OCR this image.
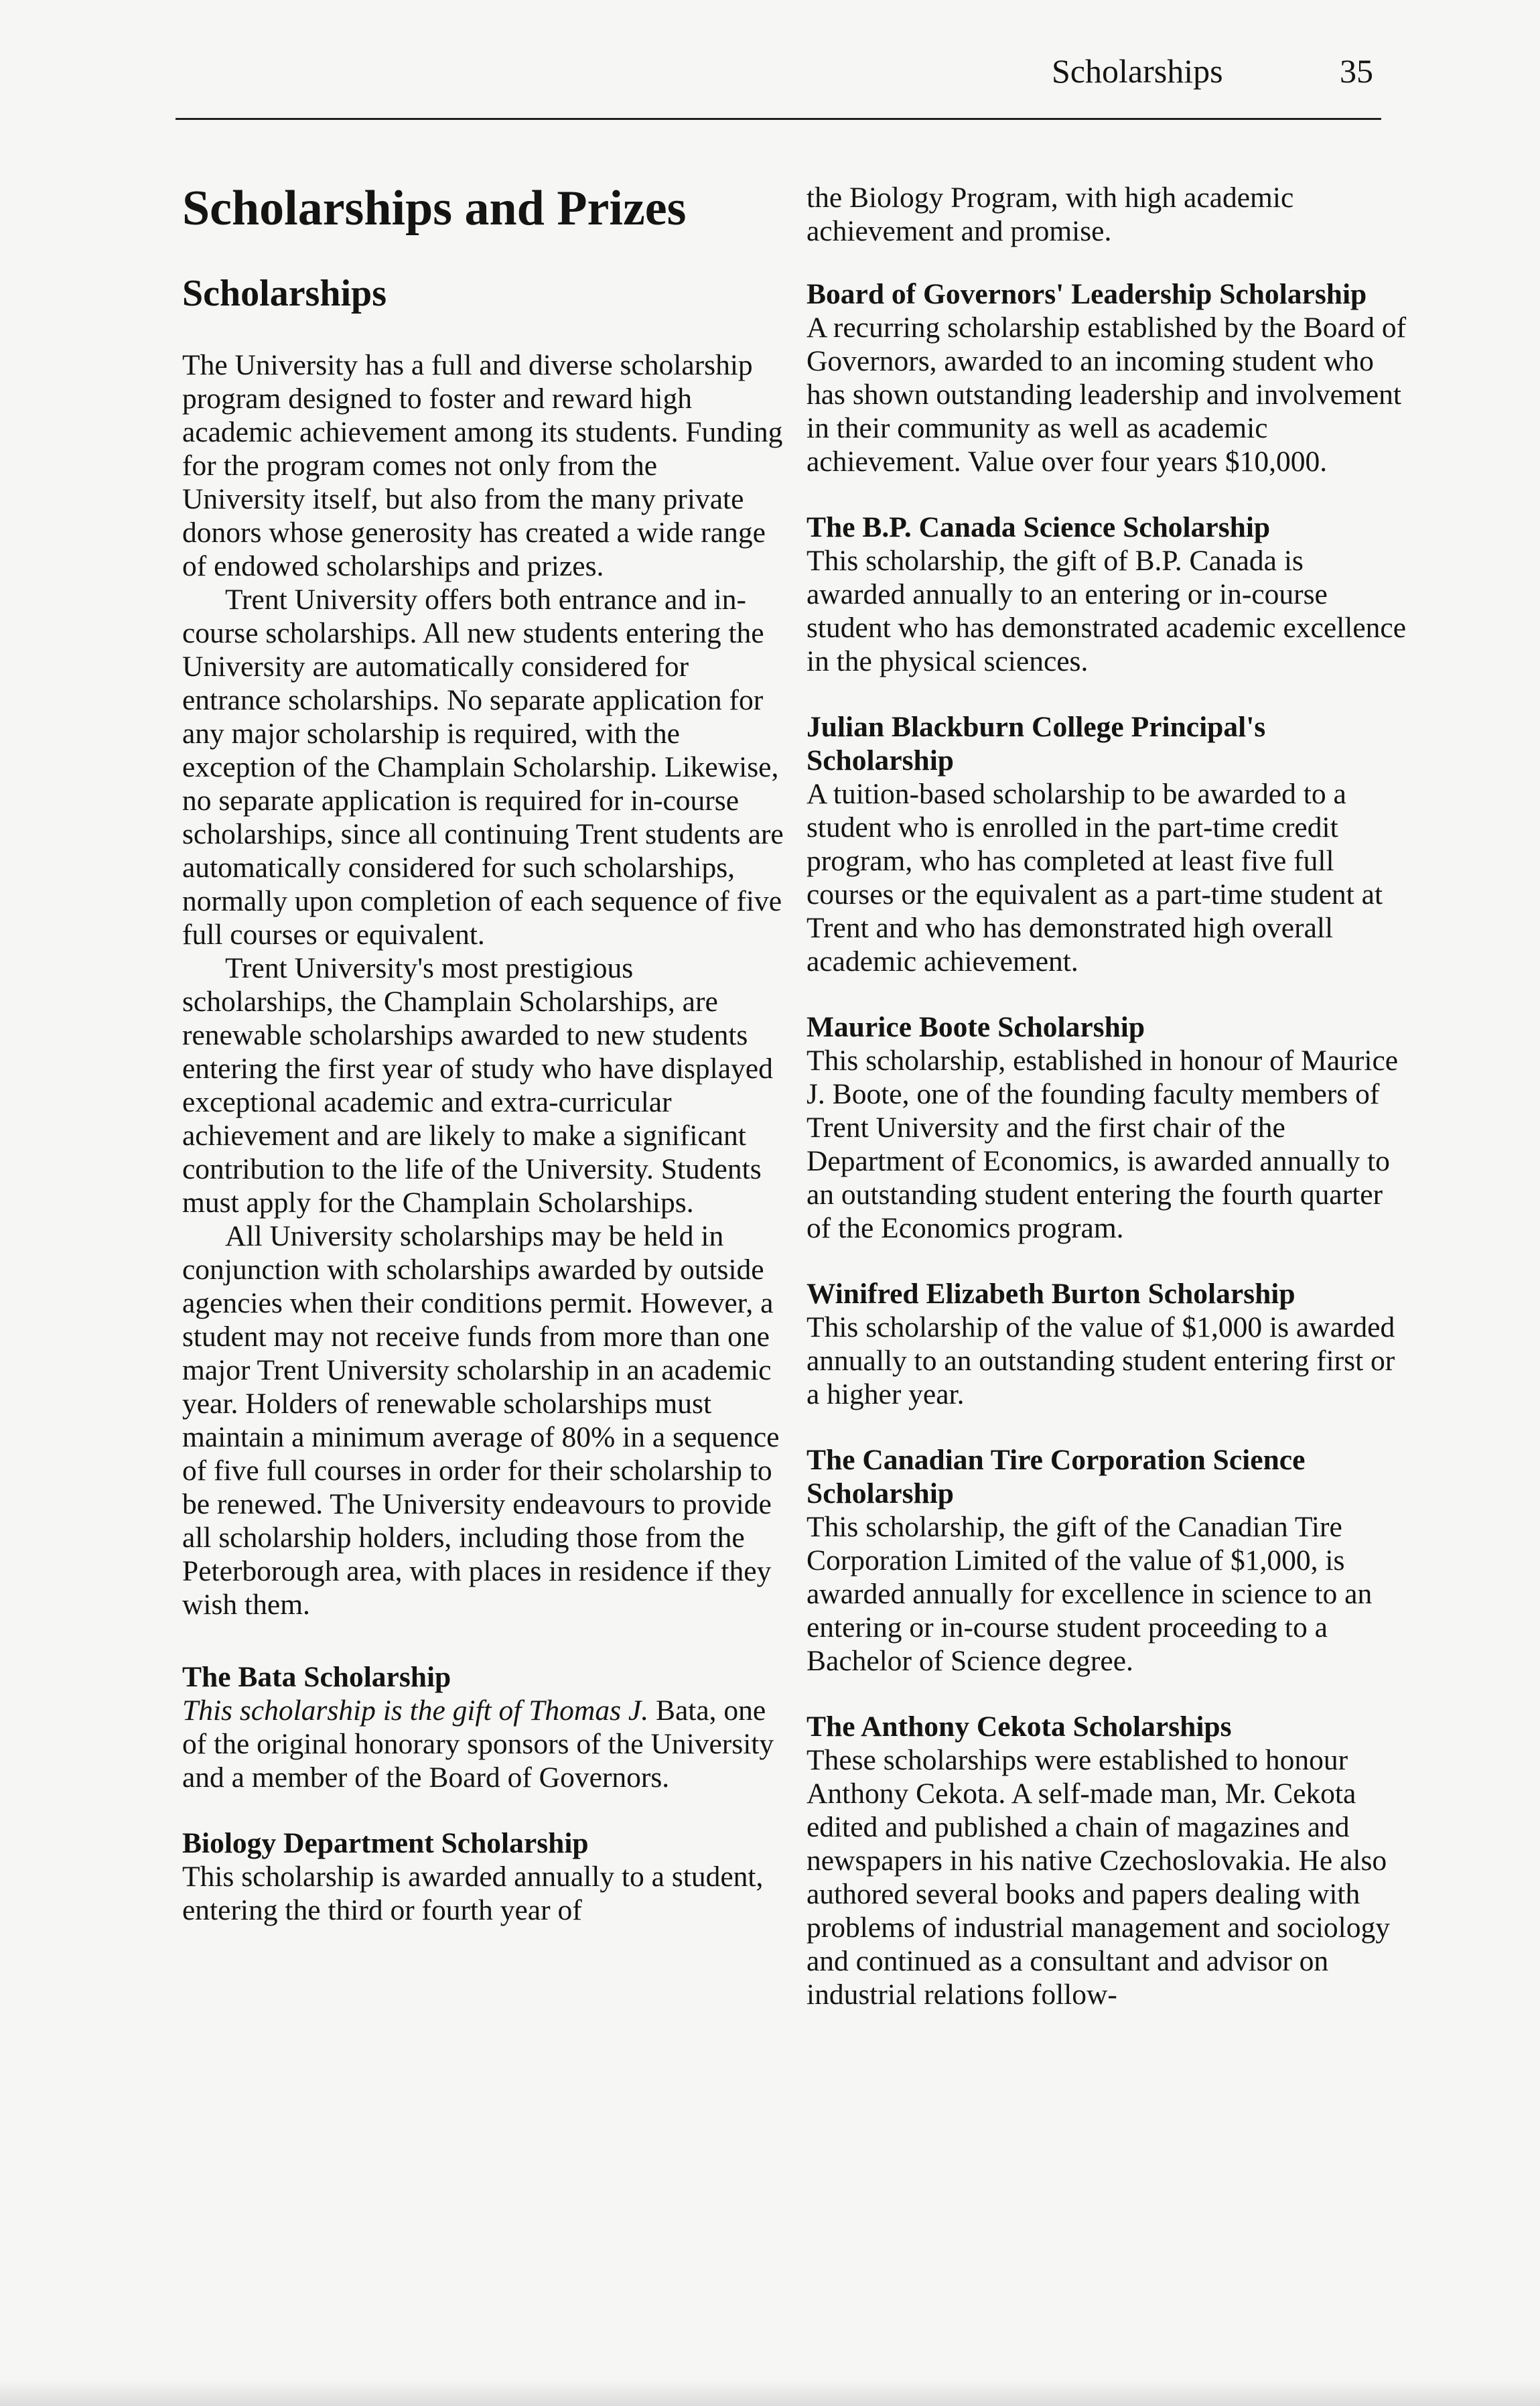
Scholarships	35
Scholarships and Prizes
Scholarships

The University has a full and diverse scholarship program designed to foster and reward high academic achievement among its students. Funding for the program comes not only from the University itself, but also from the many private donors whose generosity has created a wide range of endowed scholarships and prizes.

Trent University offers both entrance and in-course scholarships. All new students entering the University are automatically considered for entrance scholarships. No separate application for any major scholarship is required, with the exception of the Champlain Scholarship. Likewise, no separate application is required for in-course scholarships, since all continuing Trent students are automatically considered for such scholarships, normally upon completion of each sequence of five full courses or equivalent.

Trent University's most prestigious scholarships, the Champlain Scholarships, are renewable scholarships awarded to new students entering the first year of study who have displayed exceptional academic and extra-curricular achievement and are likely to make a significant contribution to the life of the University. Students must apply for the Champlain Scholarships.

All University scholarships may be held in conjunction with scholarships awarded by outside agencies when their conditions permit. However, a student may not receive funds from more than one major Trent University scholarship in an academic year. Holders of renewable scholarships must maintain a minimum average of 80% in a sequence of five full courses in order for their scholarship to be renewed. The University endeavours to provide all scholarship holders, including those from the Peterborough area, with places in residence if they wish them.

The Bata Scholarship
This scholarship is the gift of Thomas J. Bata, one of the original honorary sponsors of the University and a member of the Board of Governors.
Biology Department Scholarship
This scholarship is awarded annually to a student, entering the third or fourth year of

the Biology Program, with high academic achievement and promise.

Board of Governors' Leadership Scholarship
A recurring scholarship established by the Board of Governors, awarded to an incoming student who has shown outstanding leadership and involvement in their community as well as academic achievement. Value over four years $10,000.
The B.P. Canada Science Scholarship
This scholarship, the gift of B.P. Canada is awarded annually to an entering or in-course student who has demonstrated academic excellence in the physical sciences.
Julian Blackburn College Principal's Scholarship
A tuition-based scholarship to be awarded to a student who is enrolled in the part-time credit program, who has completed at least five full courses or the equivalent as a part-time student at Trent and who has demonstrated high overall academic achievement.
Maurice Boote Scholarship
This scholarship, established in honour of Maurice J. Boote, one of the founding faculty members of Trent University and the first chair of the Department of Economics, is awarded annually to an outstanding student entering the fourth quarter of the Economics program.
Winifred Elizabeth Burton Scholarship
This scholarship of the value of $1,000 is awarded annually to an outstanding student entering first or a higher year.
The Canadian Tire Corporation Science Scholarship
This scholarship, the gift of the Canadian Tire Corporation Limited of the value of $1,000, is awarded annually for excellence in science to an entering or in-course student proceeding to a Bachelor of Science degree.
The Anthony Cekota Scholarships
These scholarships were established to honour Anthony Cekota. A self-made man, Mr. Cekota edited and published a chain of magazines and newspapers in his native Czechoslovakia. He also authored several books and papers dealing with problems of industrial management and sociology and continued as a consultant and advisor on industrial relations follow-
